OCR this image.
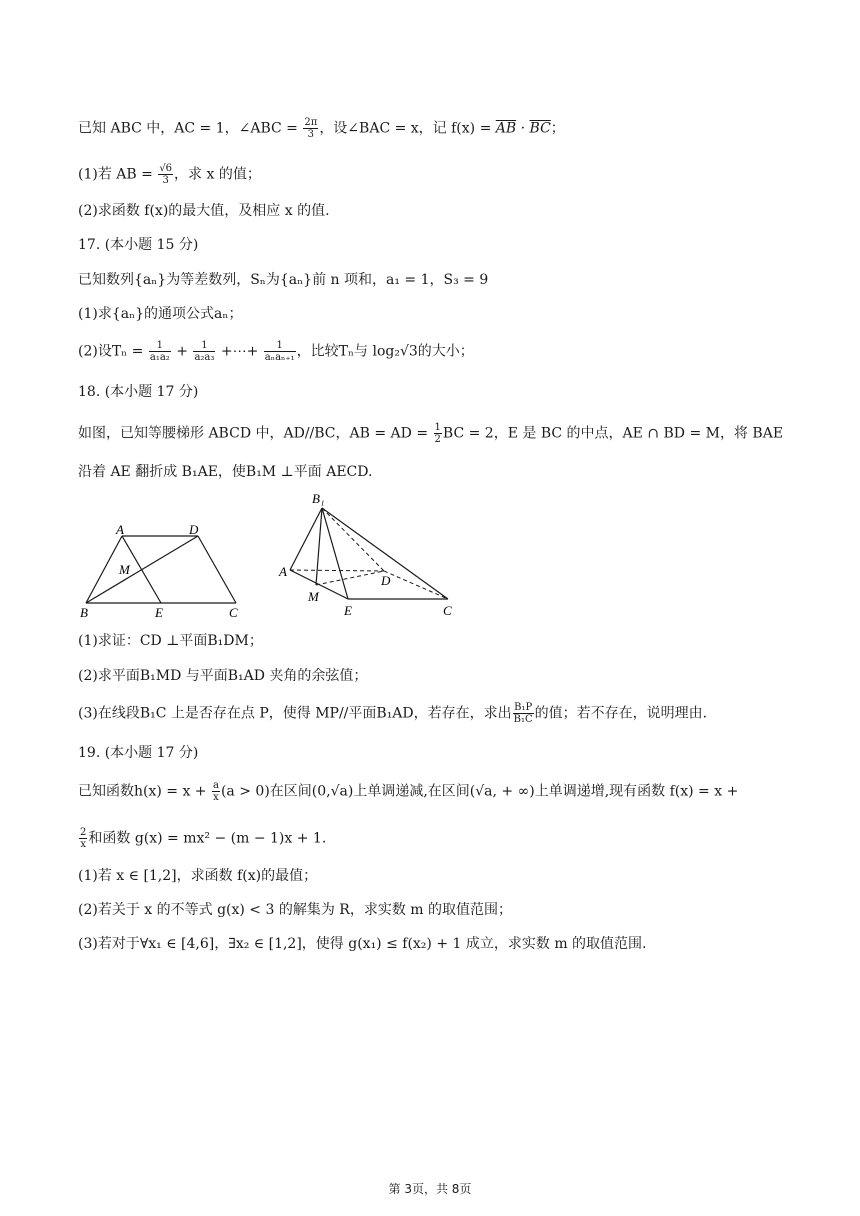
已知 ABC 中，AC = 1，∠ABC = $\frac{2\pi}{3}$ ，设∠BAC = x，记 $f(x) = \overline{AB} \cdot \overline{BC}$；
(1)若 AB = $\frac{√6}{3}$ ，求 x 的值；
(2)求函数 f(x)的最大值，及相应 x 的值.
17. (本小题 15 分)
已知数列{aₙ}为等差数列，Sₙ为{aₙ}前 n 项和，a₁ = 1，S₃ = 9
(1)求{aₙ}的通项公式aₙ；
(2)设$T_n = \frac{1}{\text{a₁a₂}} + \frac{1}{\text{a₂a₃}}$ +⋯+ $\frac{1}{\text{aₙaₙ₊₁}}$ ，比较Tₙ与 log₂√3的大小；
18. (本小题 17 分)
如图，已知等腰梯形 ABCD 中，AD//BC，AB = AD = $\frac{1}{2}$ BC = 2，E 是 BC 的中点，AE ∩ BD = M，将 BAE
沿着 AE 翻折成 B₁AE，使B₁M ⊥平面 AECD.
A	D
M
B	E	C
B₁
A
D
M
E	C
(1)求证：CD ⊥平面B₁DM；
(2)求平面B₁MD 与平面B₁AD 夹角的余弦值；
(3)在线段B₁C 上是否存在点 P，使得 MP//平面B₁AD，若存在，求出 $\frac{\text{B₁P}}{\text{B₁C}}$ 的值；若不存在，说明理由.
19. (本小题 17 分)
已知函数$h(x) = x + \frac{a}{x} (a > 0)$在区间(0,√a)上单调递减,在区间(√a, + ∞)上单调递增,现有函数 f(x) = x +
$\frac{2}{x}$ 和函数 g(x) = mx² − (m − 1)x + 1.
(1)若 x ∈ [1,2]，求函数 f(x)的最值；
(2)若关于 x 的不等式 g(x) < 3 的解集为 R，求实数 m 的取值范围；
(3)若对于∀x₁ ∈ [4,6]，∃x₂ ∈ [1,2]，使得 g(x₁) ≤ f(x₂) + 1 成立，求实数 m 的取值范围.
第 3页，共 8页
